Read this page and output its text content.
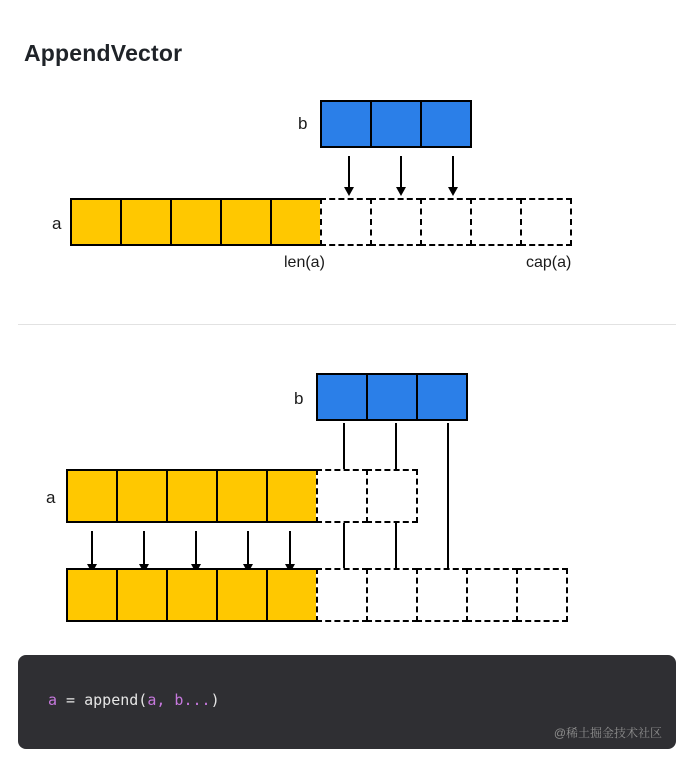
AppendVector
b
a
len(a)	cap(a)
b
a
a = append(a, b...)
@稀土掘金技术社区
